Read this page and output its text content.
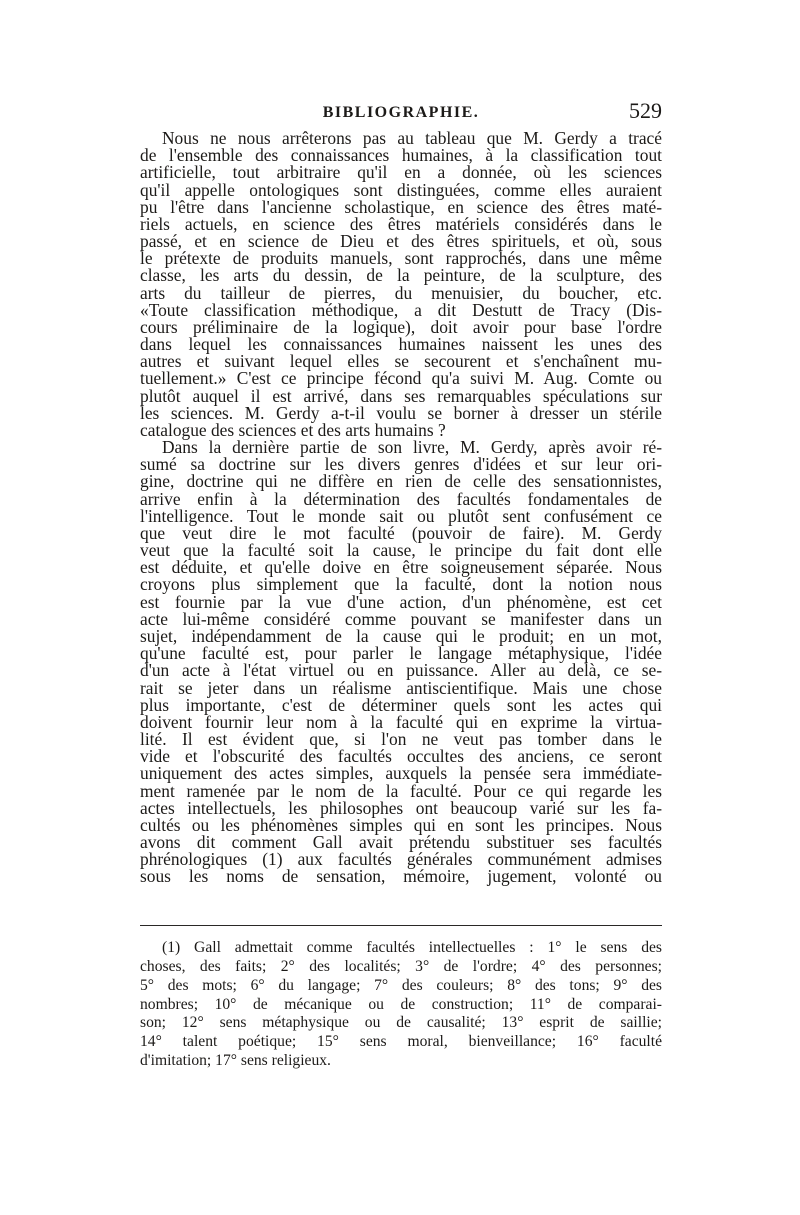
BIBLIOGRAPHIE.	529
Nous ne nous arrêterons pas au tableau que M. Gerdy a tracé
de l'ensemble des connaissances humaines, à la classification tout
artificielle, tout arbitraire qu'il en a donnée, où les sciences
qu'il appelle ontologiques sont distinguées, comme elles auraient
pu l'être dans l'ancienne scholastique, en science des êtres maté-
riels actuels, en science des êtres matériels considérés dans le
passé, et en science de Dieu et des êtres spirituels, et où, sous
le prétexte de produits manuels, sont rapprochés, dans une même
classe, les arts du dessin, de la peinture, de la sculpture, des
arts du tailleur de pierres, du menuisier, du boucher, etc.
«Toute classification méthodique, a dit Destutt de Tracy (Dis-
cours préliminaire de la logique), doit avoir pour base l'ordre
dans lequel les connaissances humaines naissent les unes des
autres et suivant lequel elles se secourent et s'enchaînent mu-
tuellement.» C'est ce principe fécond qu'a suivi M. Aug. Comte ou
plutôt auquel il est arrivé, dans ses remarquables spéculations sur
les sciences. M. Gerdy a-t-il voulu se borner à dresser un stérile
catalogue des sciences et des arts humains ?
Dans la dernière partie de son livre, M. Gerdy, après avoir ré-
sumé sa doctrine sur les divers genres d'idées et sur leur ori-
gine, doctrine qui ne diffère en rien de celle des sensationnistes,
arrive enfin à la détermination des facultés fondamentales de
l'intelligence. Tout le monde sait ou plutôt sent confusément ce
que veut dire le mot faculté (pouvoir de faire). M. Gerdy
veut que la faculté soit la cause, le principe du fait dont elle
est déduite, et qu'elle doive en être soigneusement séparée. Nous
croyons plus simplement que la faculté, dont la notion nous
est fournie par la vue d'une action, d'un phénomène, est cet
acte lui-même considéré comme pouvant se manifester dans un
sujet, indépendamment de la cause qui le produit; en un mot,
qu'une faculté est, pour parler le langage métaphysique, l'idée
d'un acte à l'état virtuel ou en puissance. Aller au delà, ce se-
rait se jeter dans un réalisme antiscientifique. Mais une chose
plus importante, c'est de déterminer quels sont les actes qui
doivent fournir leur nom à la faculté qui en exprime la virtua-
lité. Il est évident que, si l'on ne veut pas tomber dans le
vide et l'obscurité des facultés occultes des anciens, ce seront
uniquement des actes simples, auxquels la pensée sera immédiate-
ment ramenée par le nom de la faculté. Pour ce qui regarde les
actes intellectuels, les philosophes ont beaucoup varié sur les fa-
cultés ou les phénomènes simples qui en sont les principes. Nous
avons dit comment Gall avait prétendu substituer ses facultés
phrénologiques (1) aux facultés générales communément admises
sous les noms de sensation, mémoire, jugement, volonté ou
(1) Gall admettait comme facultés intellectuelles : 1° le sens des
choses, des faits; 2° des localités; 3° de l'ordre; 4° des personnes;
5° des mots; 6° du langage; 7° des couleurs; 8° des tons; 9° des
nombres; 10° de mécanique ou de construction; 11° de comparai-
son; 12° sens métaphysique ou de causalité; 13° esprit de saillie;
14° talent poétique; 15° sens moral, bienveillance; 16° faculté
d'imitation; 17° sens religieux.
